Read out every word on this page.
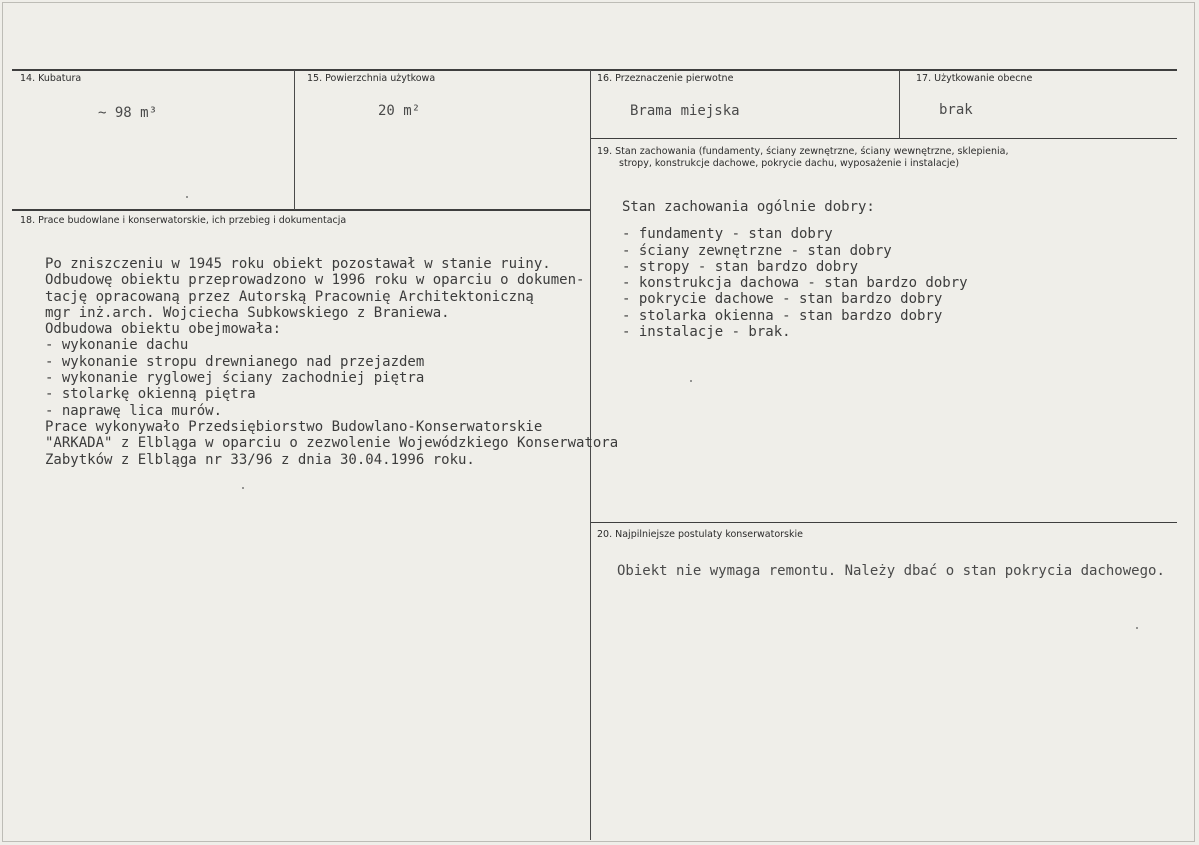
14. Kubatura
~ 98 m³
15. Powierzchnia użytkowa
20 m²
16. Przeznaczenie pierwotne
Brama miejska
17. Użytkowanie obecne
brak
18. Prace budowlane i konserwatorskie, ich przebieg i dokumentacja
Po zniszczeniu w 1945 roku obiekt pozostawał w stanie ruiny.
Odbudowę obiektu przeprowadzono w 1996 roku w oparciu o dokumen-
tację opracowaną przez Autorską Pracownię Architektoniczną
mgr inż.arch. Wojciecha Subkowskiego z Braniewa.
Odbudowa obiektu obejmowała:
- wykonanie dachu
- wykonanie stropu drewnianego nad przejazdem
- wykonanie ryglowej ściany zachodniej piętra
- stolarkę okienną piętra
- naprawę lica murów.
Prace wykonywało Przedsiębiorstwo Budowlano-Konserwatorskie
"ARKADA" z Elbląga w oparciu o zezwolenie Wojewódzkiego Konserwatora
Zabytków z Elbląga nr 33/96 z dnia 30.04.1996 roku.
19. Stan zachowania (fundamenty, ściany zewnętrzne, ściany wewnętrzne, sklepienia,
stropy, konstrukcje dachowe, pokrycie dachu, wyposażenie i instalacje)
Stan zachowania ogólnie dobry:
- fundamenty - stan dobry
- ściany zewnętrzne - stan dobry
- stropy - stan bardzo dobry
- konstrukcja dachowa - stan bardzo dobry
- pokrycie dachowe - stan bardzo dobry
- stolarka okienna - stan bardzo dobry
- instalacje - brak.
20. Najpilniejsze postulaty konserwatorskie
Obiekt nie wymaga remontu. Należy dbać o stan pokrycia dachowego.
